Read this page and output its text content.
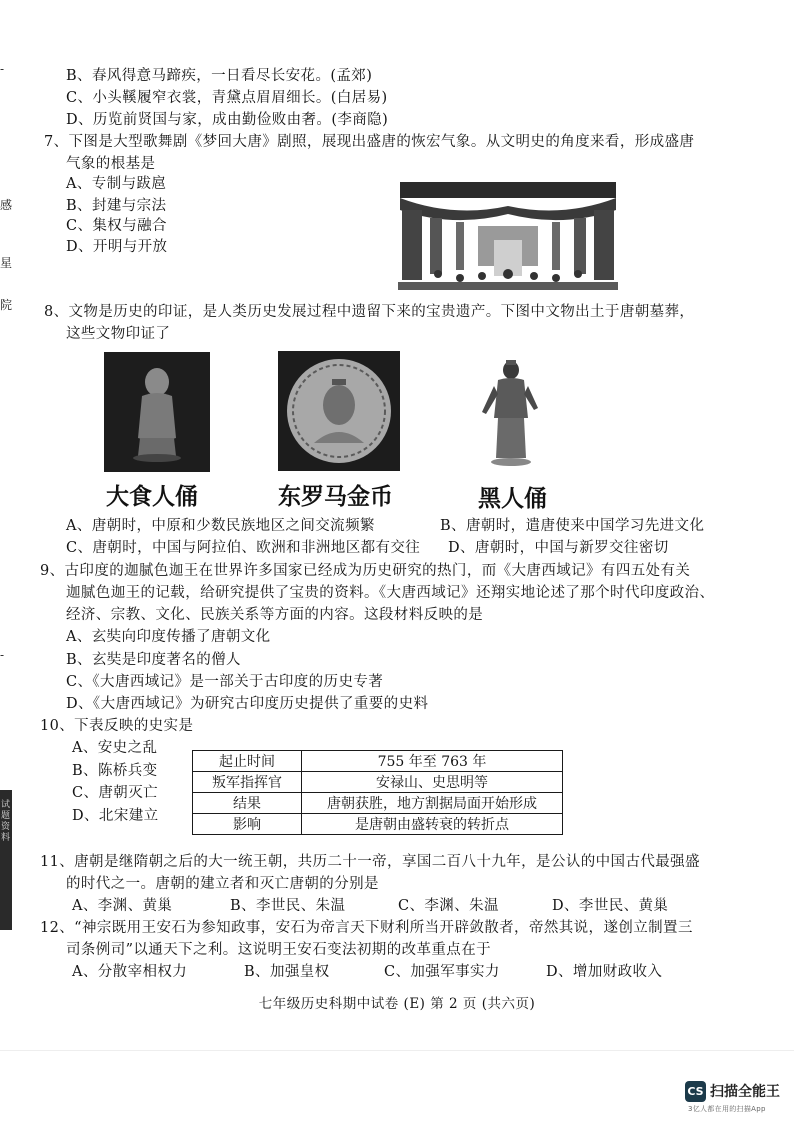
感
星
院
-
-
试题资料
B、春风得意马蹄疾，一日看尽长安花。(孟郊)
C、小头鞵履窄衣裳，青黛点眉眉细长。(白居易)
D、历览前贤国与家，成由勤俭败由奢。(李商隐)
7、下图是大型歌舞剧《梦回大唐》剧照，展现出盛唐的恢宏气象。从文明史的角度来看，形成盛唐
气象的根基是
A、专制与跋扈
B、封建与宗法
C、集权与融合
D、开明与开放
8、文物是历史的印证，是人类历史发展过程中遗留下来的宝贵遗产。下图中文物出土于唐朝墓葬，
这些文物印证了
大食人俑	东罗马金币	黑人俑
A、唐朝时，中原和少数民族地区之间交流频繁	B、唐朝时，遣唐使来中国学习先进文化
C、唐朝时，中国与阿拉伯、欧洲和非洲地区都有交往 D、唐朝时，中国与新罗交往密切
9、古印度的迦腻色迦王在世界许多国家已经成为历史研究的热门，而《大唐西域记》有四五处有关
迦腻色迦王的记载，给研究提供了宝贵的资料。《大唐西域记》还翔实地论述了那个时代印度政治、
经济、宗教、文化、民族关系等方面的内容。这段材料反映的是
A、玄奘向印度传播了唐朝文化
B、玄奘是印度著名的僧人
C、《大唐西域记》是一部关于古印度的历史专著
D、《大唐西域记》为研究古印度历史提供了重要的史料
10、下表反映的史实是
A、安史之乱
B、陈桥兵变
C、唐朝灭亡
D、北宋建立
起止时间	755 年至 763 年
叛军指挥官	安禄山、史思明等
结果	唐朝获胜，地方割据局面开始形成
影响	是唐朝由盛转衰的转折点
11、唐朝是继隋朝之后的大一统王朝，共历二十一帝，享国二百八十九年，是公认的中国古代最强盛
的时代之一。唐朝的建立者和灭亡唐朝的分别是
A、李渊、黄巢	B、李世民、朱温	C、李渊、朱温	D、李世民、黄巢
12、“神宗既用王安石为参知政事，安石为帝言天下财利所当开辟敛散者，帝然其说，遂创立制置三
司条例司”以通天下之利。这说明王安石变法初期的改革重点在于
A、分散宰相权力	B、加强皇权	C、加强军事实力	D、增加财政收入
七年级历史科期中试卷 (E) 第 2 页 (共六页)
CS 扫描全能王
3亿人都在用的扫描App
